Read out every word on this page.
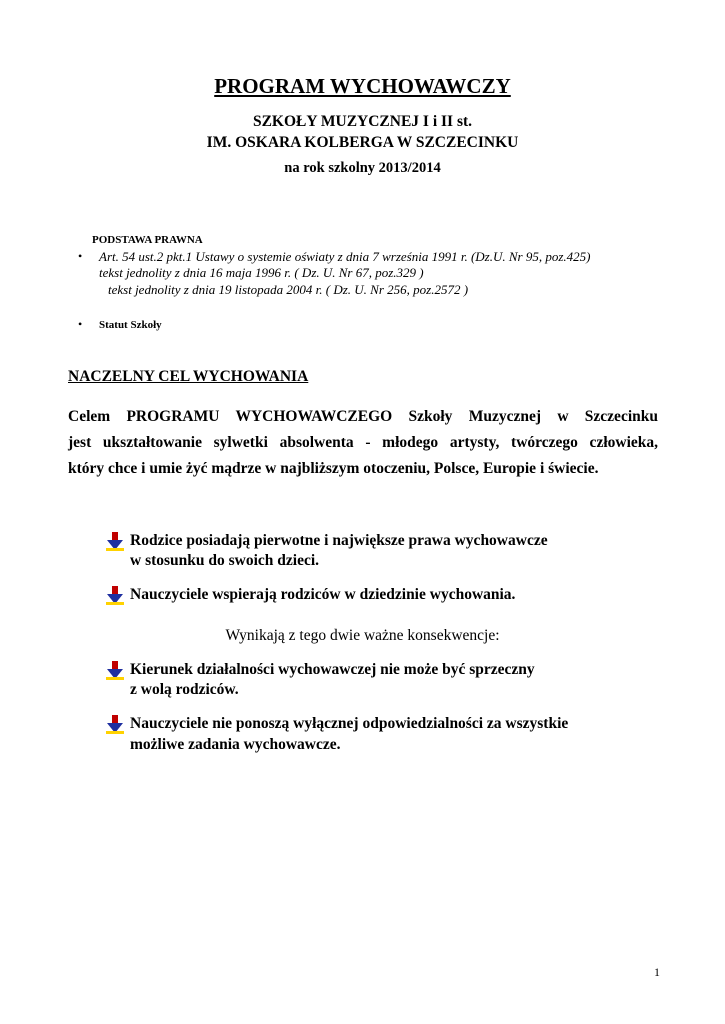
PROGRAM WYCHOWAWCZY
SZKOŁY MUZYCZNEJ I i II st.
IM. OSKARA KOLBERGA W SZCZECINKU
na rok szkolny 2013/2014
PODSTAWA PRAWNA
• Art. 54 ust.2 pkt.1 Ustawy o systemie oświaty z dnia 7 września 1991 r. (Dz.U. Nr 95, poz.425)
tekst jednolity z dnia 16 maja 1996 r. ( Dz. U. Nr 67, poz.329 )
tekst jednolity z dnia 19 listopada 2004 r. ( Dz. U. Nr 256, poz.2572 )
• Statut Szkoły
NACZELNY CEL WYCHOWANIA
Celem PROGRAMU WYCHOWAWCZEGO Szkoły Muzycznej w Szczecinku
jest ukształtowanie sylwetki absolwenta - młodego artysty, twórczego człowieka,
który chce i umie żyć mądrze w najbliższym otoczeniu, Polsce, Europie i świecie.
Rodzice posiadają pierwotne i największe prawa wychowawcze
w stosunku do swoich dzieci.
Nauczyciele wspierają rodziców w dziedzinie wychowania.
Wynikają z tego dwie ważne konsekwencje:
Kierunek działalności wychowawczej nie może być sprzeczny
z wolą rodziców.
Nauczyciele nie ponoszą wyłącznej odpowiedzialności za wszystkie
możliwe zadania wychowawcze.
1
